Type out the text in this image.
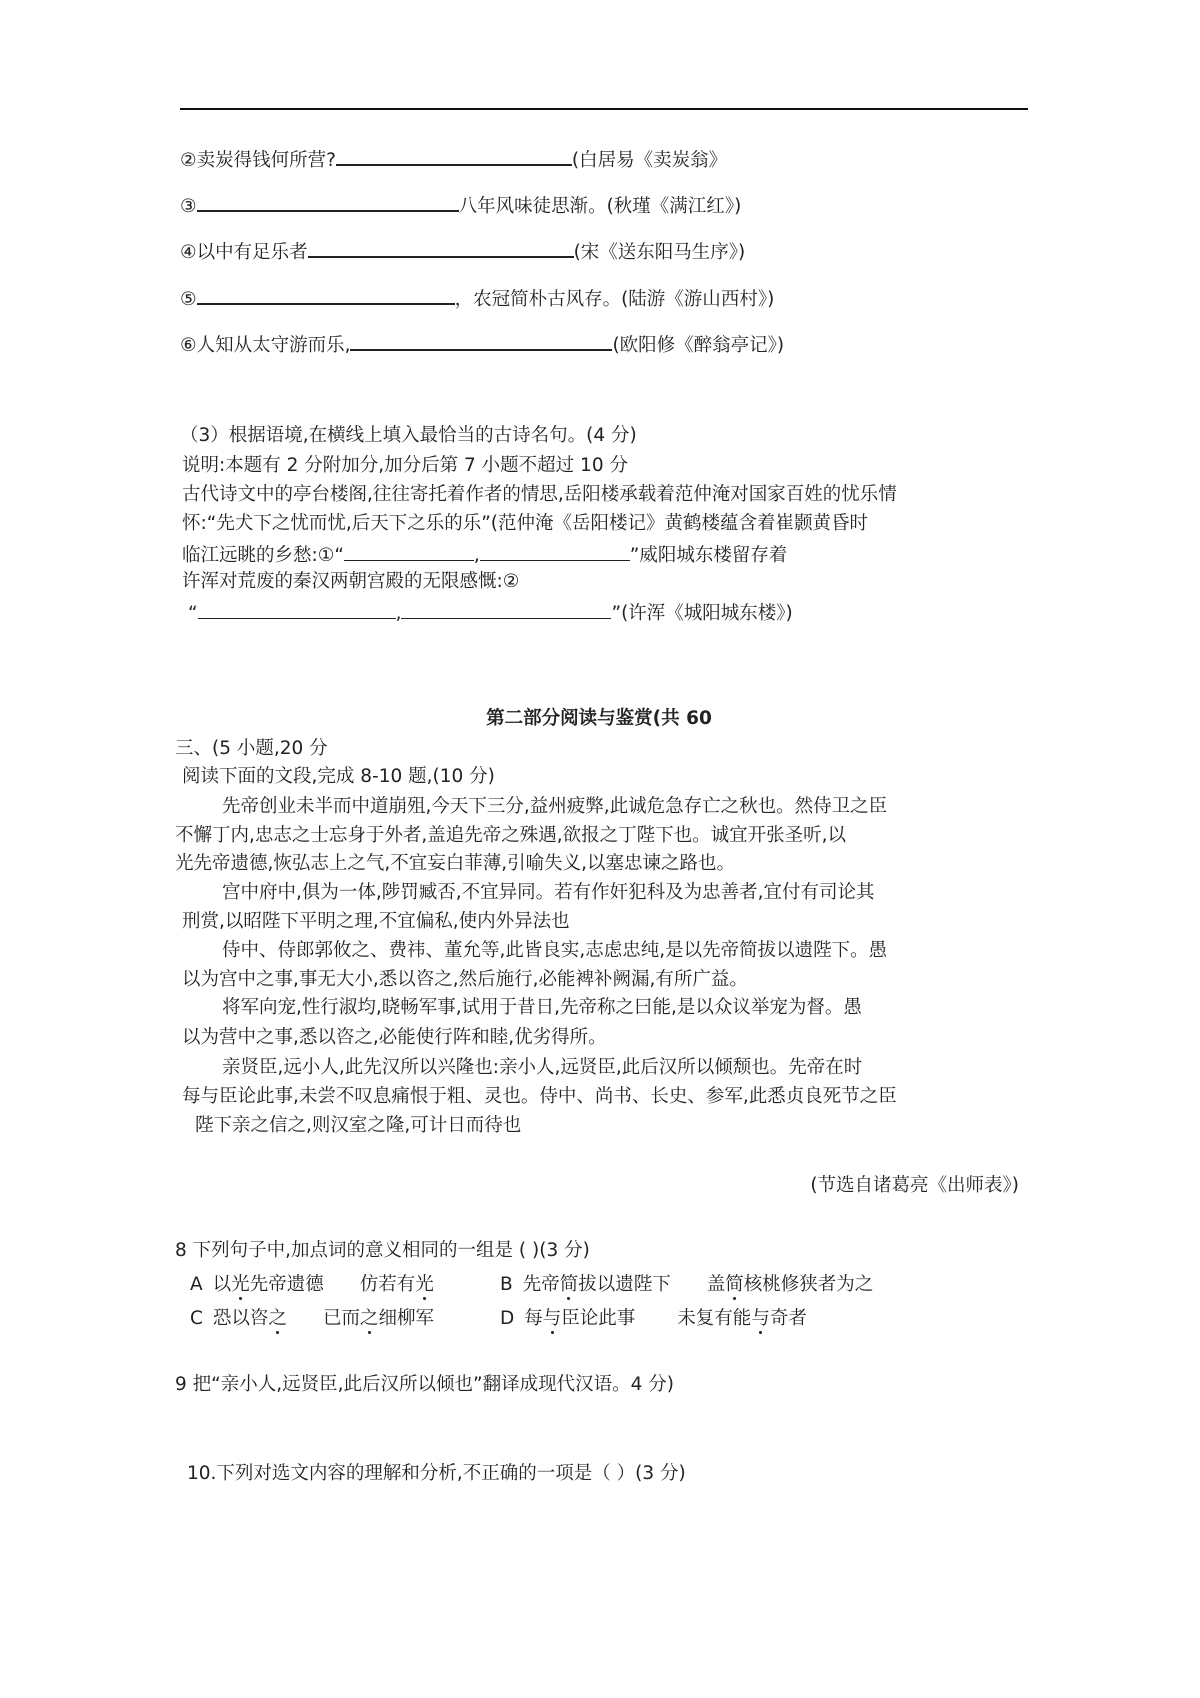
②卖炭得钱何所营?	(白居易《卖炭翁》
③	八年风味徒思渐。(秋瑾《满江红》)
④以中有足乐者	(宋《送东阳马生序》)
⑤	，农冠简朴古风存。(陆游《游山西村》)
⑥人知从太守游而乐,	(欧阳修《醉翁亭记》)
（3）根据语境,在横线上填入最恰当的古诗名句。(4 分)
说明:本题有 2 分附加分,加分后第 7 小题不超过 10 分
古代诗文中的亭台楼阁,往往寄托着作者的情思,岳阳楼承载着范仲淹对国家百姓的忧乐情
怀:“先犬下之忧而忧,后天下之乐的乐”(范仲淹《岳阳楼记》黄鹤楼蕴含着崔颢黄昏时
临江远眺的乡愁:①“	,	”威阳城东楼留存着
许浑对荒废的秦汉两朝宫殿的无限感慨:②
“	,	”(许浑《城阳城东楼》)
第二部分阅读与鉴赏(共 60
三、(5 小题,20 分
阅读下面的文段,完成 8-10 题,(10 分)
先帝创业未半而中道崩殂,今天下三分,益州疲弊,此诚危急存亡之秋也。然侍卫之臣
不懈丁内,忠志之士忘身于外者,盖追先帝之殊遇,欲报之丁陛下也。诚宜开张圣听,以
光先帝遗德,恢弘志上之气,不宜妄白菲薄,引喻失义,以塞忠谏之路也。
宫中府中,俱为一体,陟罚臧否,不宜异同。若有作奸犯科及为忠善者,宜付有司论其
刑赏,以昭陛下平明之理,不宜偏私,使内外异法也
侍中、侍郎郭攸之、费祎、董允等,此皆良实,志虑忠纯,是以先帝简拔以遗陛下。愚
以为宫中之事,事无大小,悉以咨之,然后施行,必能裨补阙漏,有所广益。
将军向宠,性行淑均,晓畅军事,试用于昔日,先帝称之曰能,是以众议举宠为督。愚
以为营中之事,悉以咨之,必能使行阵和睦,优劣得所。
亲贤臣,远小人,此先汉所以兴隆也:亲小人,远贤臣,此后汉所以倾颓也。先帝在时
每与臣论此事,未尝不叹息痛恨于粗、灵也。侍中、尚书、长史、参军,此悉贞良死节之臣
陛下亲之信之,则汉室之隆,可计日而待也
(节选自诸葛亮《出师表》)
8 下列句子中,加点词的意义相同的一组是 ( )(3 分)
A 以光先帝遗德 仿若有光	B 先帝简拔以遗陛下 盖简核桃修狭者为之
C 恐以咨之 已而之细柳军	D 每与臣论此事 未复有能与奇者
9 把“亲小人,远贤臣,此后汉所以倾也”翻译成现代汉语。4 分)
10.下列对选文内容的理解和分析,不正确的一项是（ ）(3 分)
